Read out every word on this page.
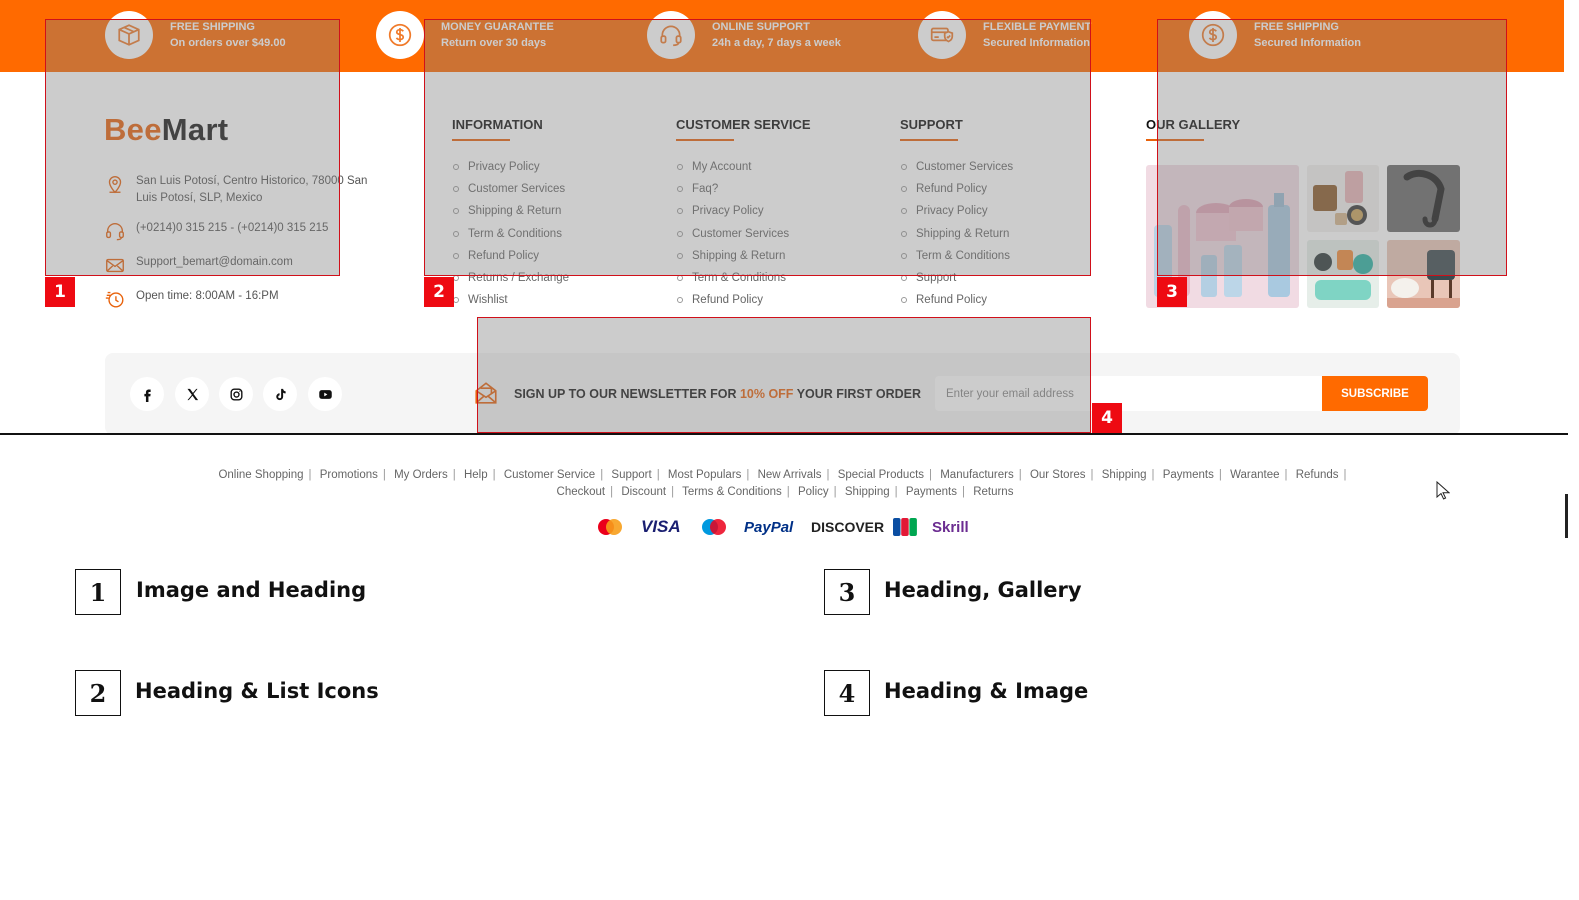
FREE SHIPPING
On orders over $49.00
MONEY GUARANTEE
Return over 30 days
ONLINE SUPPORT
24h a day, 7 days a week
FLEXIBLE PAYMENT
Secured Information
FREE SHIPPING
Secured Information
BeeMart
San Luis Potosí, Centro Historico, 78000 San Luis Potosí, SLP, Mexico
(+0214)0 315 215 - (+0214)0 315 215
Support_bemart@domain.com
Open time: 8:00AM - 16:PM
INFORMATION
Privacy Policy
Customer Services
Shipping & Return
Term & Conditions
Refund Policy
Returns / Exchange
Wishlist
CUSTOMER SERVICE
My Account
Faq?
Privacy Policy
Customer Services
Shipping & Return
Term & Conditions
Refund Policy
SUPPORT
Customer Services
Refund Policy
Privacy Policy
Shipping & Return
Term & Conditions
Support
Refund Policy
OUR GALLERY
SIGN UP TO OUR NEWSLETTER FOR 10% OFF YOUR FIRST ORDER
Enter your email address	SUBSCRIBE
Online Shopping | Promotions | My Orders | Help | Customer Service | Support | Most Populars | New Arrivals | Special Products | Manufacturers | Our Stores | Shipping | Payments | Warantee | Refunds |
Checkout | Discount | Terms & Conditions | Policy | Shipping | Payments | Returns
VISA	PayPal DISCOVER	Skrill
1	2	3
4
1	Image and Heading	3	Heading, Gallery
2	Heading & List Icons	4	Heading & Image
